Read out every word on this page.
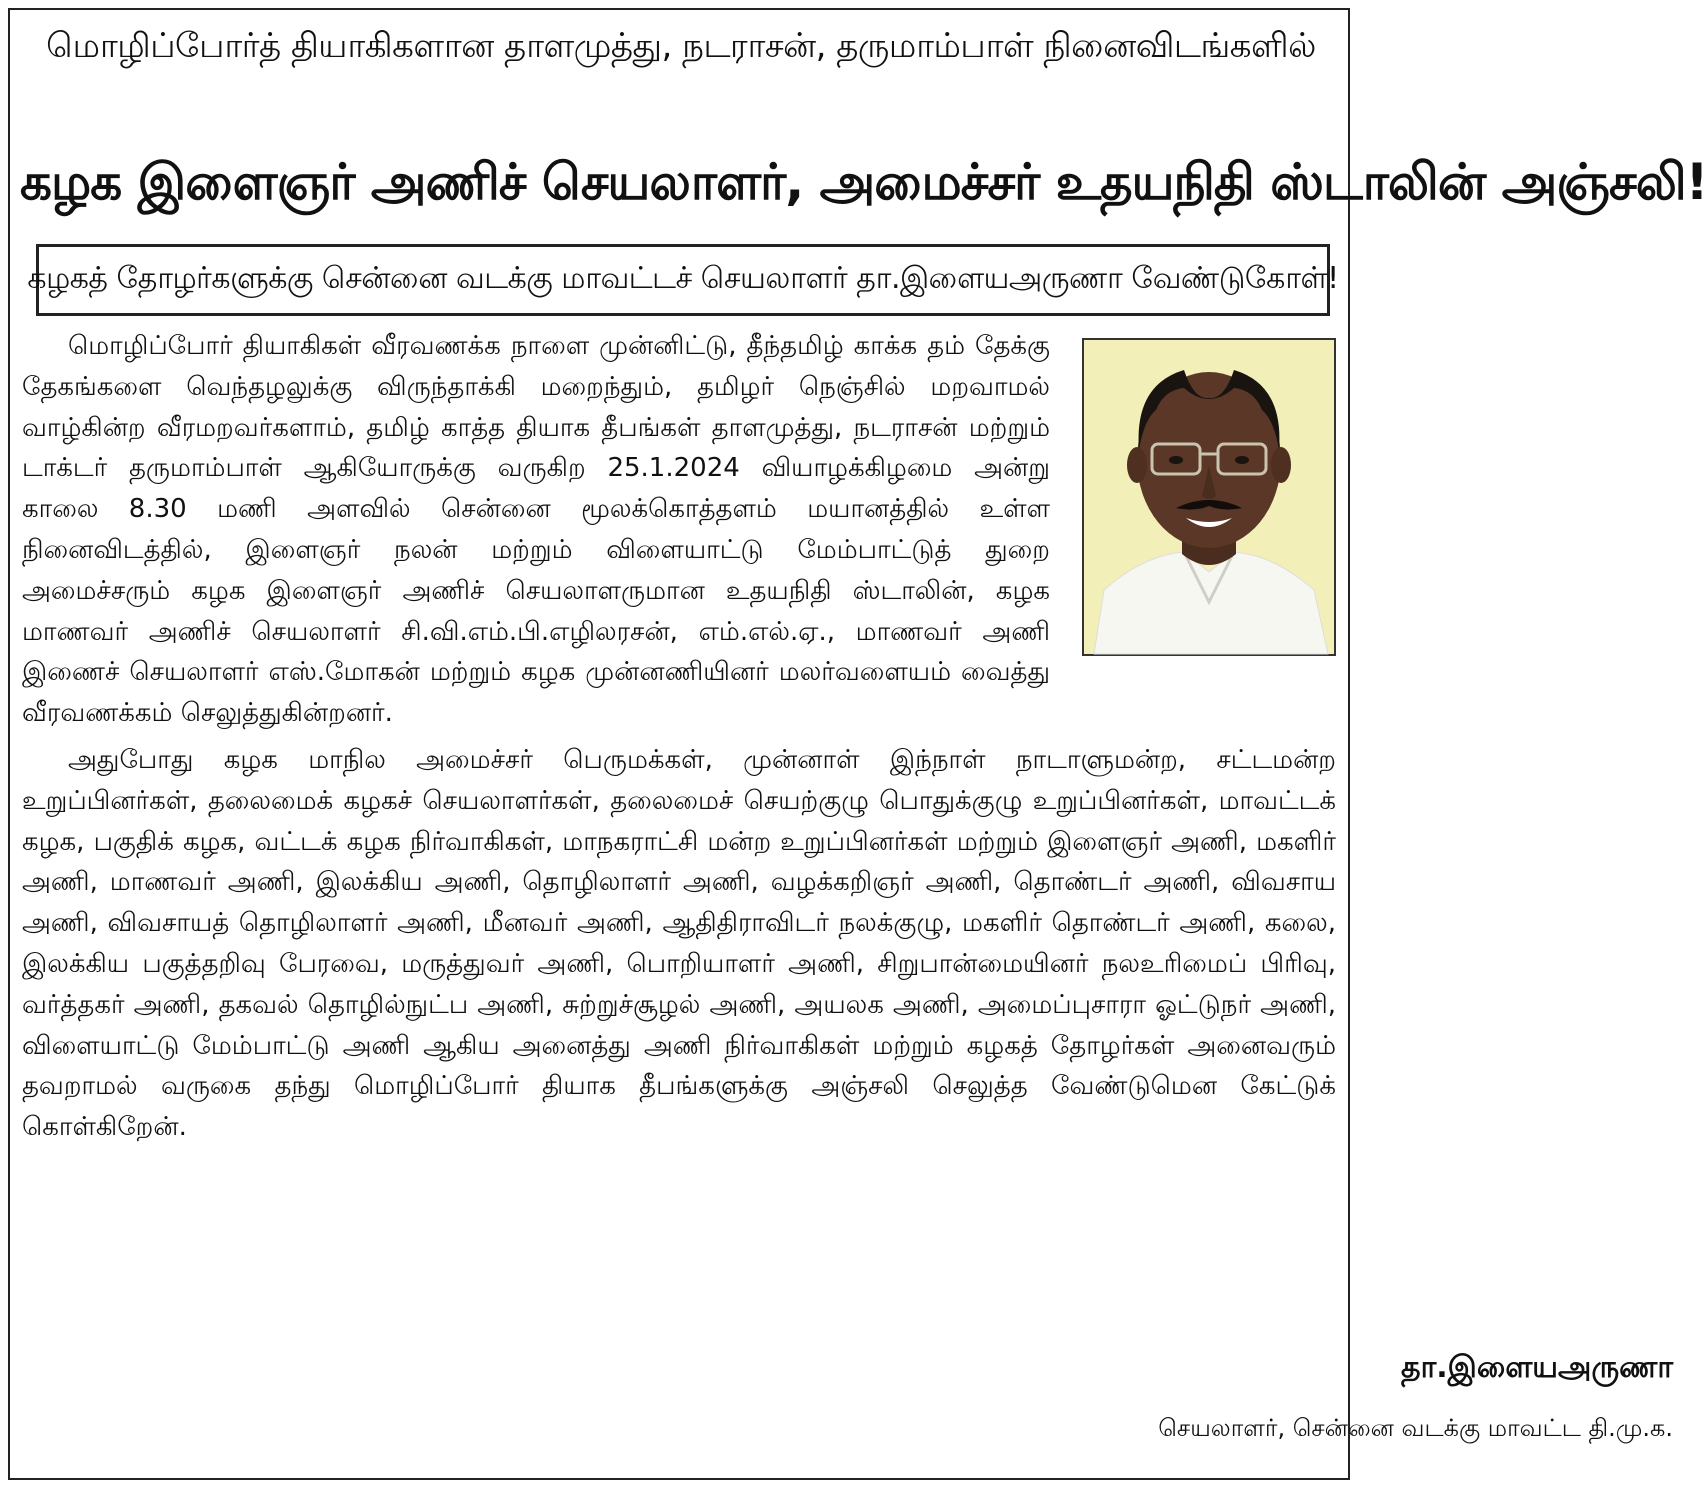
மொழிப்போர்த் தியாகிகளான தாளமுத்து, நடராசன், தருமாம்பாள் நினைவிடங்களில்
கழக இளைஞர் அணிச் செயலாளர், அமைச்சர் உதயநிதி ஸ்டாலின் அஞ்சலி!
கழகத் தோழர்களுக்கு சென்னை வடக்கு மாவட்டச் செயலாளர் தா.இளையஅருணா வேண்டுகோள்!

மொழிப்போர் தியாகிகள் வீரவணக்க நாளை முன்னிட்டு, தீந்தமிழ் காக்க தம் தேக்கு தேகங்களை வெந்தழலுக்கு விருந்தாக்கி மறைந்தும், தமிழர் நெஞ்சில் மறவாமல் வாழ்கின்ற வீரமறவர்களாம், தமிழ் காத்த தியாக தீபங்கள் தாளமுத்து, நடராசன் மற்றும் டாக்டர் தருமாம்பாள் ஆகியோருக்கு வருகிற 25.1.2024 வியாழக்கிழமை அன்று காலை 8.30 மணி அளவில் சென்னை மூலக்கொத்தளம் மயானத்தில் உள்ள நினைவிடத்தில், இளைஞர் நலன் மற்றும் விளையாட்டு மேம்பாட்டுத் துறை அமைச்சரும் கழக இளைஞர் அணிச் செயலாளருமான உதயநிதி ஸ்டாலின், கழக மாணவர் அணிச் செயலாளர் சி.வி.எம்.பி.எழிலரசன், எம்.எல்.ஏ., மாணவர் அணி இணைச் செயலாளர் எஸ்.மோகன் மற்றும் கழக முன்னணியினர் மலர்வளையம் வைத்து வீரவணக்கம் செலுத்துகின்றனர்.

அதுபோது கழக மாநில அமைச்சர் பெருமக்கள், முன்னாள் இந்நாள் நாடாளுமன்ற, சட்டமன்ற உறுப்பினர்கள், தலைமைக் கழகச் செயலாளர்கள், தலைமைச் செயற்குழு பொதுக்குழு உறுப்பினர்கள், மாவட்டக் கழக, பகுதிக் கழக, வட்டக் கழக நிர்வாகிகள், மாநகராட்சி மன்ற உறுப்பினர்கள் மற்றும் இளைஞர் அணி, மகளிர் அணி, மாணவர் அணி, இலக்கிய அணி, தொழிலாளர் அணி, வழக்கறிஞர் அணி, தொண்டர் அணி, விவசாய அணி, விவசாயத் தொழிலாளர் அணி, மீனவர் அணி, ஆதிதிராவிடர் நலக்குழு, மகளிர் தொண்டர் அணி, கலை, இலக்கிய பகுத்தறிவு பேரவை, மருத்துவர் அணி, பொறியாளர் அணி, சிறுபான்மையினர் நலஉரிமைப் பிரிவு, வர்த்தகர் அணி, தகவல் தொழில்நுட்ப அணி, சுற்றுச்சூழல் அணி, அயலக அணி, அமைப்புசாரா ஓட்டுநர் அணி, விளையாட்டு மேம்பாட்டு அணி ஆகிய அனைத்து அணி நிர்வாகிகள் மற்றும் கழகத் தோழர்கள் அனைவரும் தவறாமல் வருகை தந்து மொழிப்போர் தியாக தீபங்களுக்கு அஞ்சலி செலுத்த வேண்டுமென கேட்டுக் கொள்கிறேன்.

தா.இளையஅருணா
செயலாளர், சென்னை வடக்கு மாவட்ட தி.மு.க.
